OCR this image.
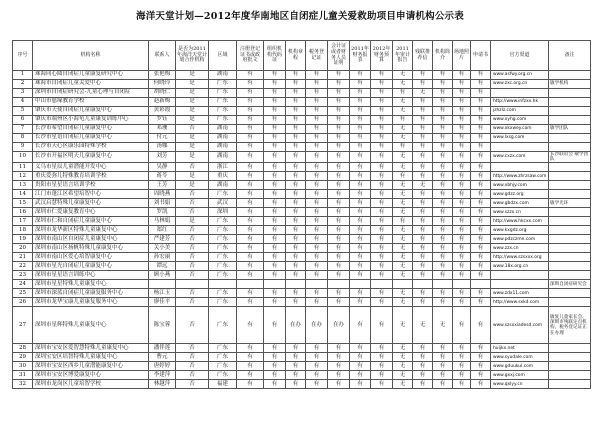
海洋天堂计划—2012年度华南地区自闭症儿童关爱救助项目申请机构公示表
序号	机构名称	联系人	是否为2011年海洋天堂计划合作机构	区域	注册登记证书或政府批文	组织机构代码证	机构章程	税务登记证	会计证或者财务人员证明	2011年财务报表	2012年财务预算	2011年审计报告	残联推荐信	机构简介	场地照片	申请书	官方渠道	备注
1	珠海同心圆自闭症儿童康复研究中心	张艳梅	是	湖南	有	有	有	有	有	有	有	无	有	有	有	有	www.asfwy.org.cn	
2	珠海市自闭症儿童关爱中心	何晓玲	是	广东	有	有	有	有	有	有	有	无	有	有	有	有	www.zxc.org.cn	敏学机构
3	深圳市自闭症研究会-儿童心理与自闭症	胡晓仁	是	广东	有	有	有	有	有	有	有	有	无	有	有	有		
4	中山市慈缘教育学校	赵新梅	是	广东	有	有	有	有	有	有	有	无	有	有	有	有	http://www.infzxx.hk	
5	肇庆市天使自闭症儿童康复中心	黄彩霞	是	广东	有	有	有	有	有	有	有	无	有	有	有	有	jzhzlz.com	
6	肇庆市端州区小海龟儿童康复训练中心	罗钰	是	广东	有	有	有	有	有	有	有	有	有	有	有	有	www.xyhg.com	
7	长沙市希望自闭症儿童康复中心	邓珊	否	湖南	有	有	有	有	有	有	有	无	有	有	有	有	www.xkxwey.com	敏学团队
8	长沙市星语自闭症儿童康复中心	付元	是	湖南	有	有	有	有	有	有	有	无	有	有	有	有	www.lxsg.com	
9	长沙市天心区康乐园特殊学校	汤娜	是	湖南	有	有	有	有	有	有	有	有	有	有	有	有		
10	长沙市开福区明天儿童康复中心	刘芳	是	湖南	有	有	有	有	有	有	有	无	有	有	有	有	www.cxzx.com	长沙联谊会 敏学团队
11	义乌市星辰儿童潜能开发中心	吴静	否	浙江	有	有	有	有	有	有	有	无	有	有	有	有		
12	重庆爱弥儿特殊教育培训学校	蒋苓	是	重庆	有	有	有	有	有	有	有	有	有	有	有	有	http://www.zhrzsaw.com	
13	贵阳市星星语言培训学校	王芳	是	湖南	有	有	有	有	有	有	有	无	无	有	有	有	www.xbhjy.com	
14	江门市蓬江区希望培智中心	周晓燕	否	广东	有	有	有	有	有	有	有	无	有	有	有	有	www.gdzz.org	
15	武汉启慧特殊儿童康复中心	刘书娟	否	武汉	有	有	有	有	有	有	有	无	有	有	有	有	www.gbdzx.com	敏学光环
16	深圳市仁爱康复教育中心	罗凯	否	深圳	有	有	有	有	有	有	有	无	有	有	有	有	www.szzx.cn	
17	深圳市仁和自闭症儿童康复中心	马林娟	是	广东	有	有	有	有	有	有	有	有	有	有	有	有	http://www.hkcxx.com	
18	深圳市龙华新区特殊儿童康复中心	郑红	否	广东	有	有	有	有	有	有	有	无	有	有	有	有	www.kxgdz.org	
19	深圳市南山区自闭症儿童康复中心	严建芳	否	广东	有	有	有	有	有	有	有	无	有	有	有	有	www.pdzczmn.com	
20	深圳市南山区扬帆特殊儿童康复中心	关小美	否	广东	有	有	有	有	有	有	有	无	有	有	有	有	www.zzx.cn	
21	深圳市南山区爱心培智康复中心	孙宏丽	否	广东	有	有	有	有	有	有	有	无	有	有	有	有	http://www.szsxxx.org	
22	深圳市星光自闭症儿童康复中心	谭远	否	广东	有	有	有	有	有	有	有	无	有	有	有	有	www.18x.org.cn	
23	深圳市星星语言训练中心	顾小燕	否	广东	有	有	有	有	有	有	有	无	有	有	有	有		
24	深圳市星星特殊儿童康复中心																	深圳自闭症研究会
25	深圳市深蓝自闭症儿童康复服务中心	杨江玉	否	广东	有	有	有	有	有	有	有	无	有	有	有	有	www.zdx11.com	
26	深圳市龙华宝康儿童康复服务中心	廖佳平	否	广东	有	有	有	有	有	有	有	无	有	有	有	有	http://www.sxkd.com	
27	深圳市星辉特殊儿童康复中心	陈宝蓉	否	广东	有	有	在办	在办	在办	有	有	无	无	无	有	有	www.szsxxiadesd.com	敏复儿童家长会、深圳市残联定点机构，税务登记证正在办理
28	深圳市宝安区爱智慧特殊儿童康复中心	潘伴莲	否	广东	有	有	有	有	有	有	有	无	有	有	有	有	huijkx.net	
29	深圳宝安区培智特殊儿童康复中心	曹元	否	广东	有	有	有	有	有	有	有	无	有	有	有	有	www.syudale.com	
30	深圳市宝安区西乡儿童潜能康复中心	唐婷婷	否	广东	有	有	有	有	有	有	有	无	有	有	有	有	www.gduukul.com	
31	深圳市宝安区博爱康复中心	李建萍	否	广东	有	有	有	有	有	有	有	无	有	有	有	有	www.gxxj.com	
32	深圳市龙岗区儿童培智学校	林越萍	否	福建	有	有	有	有	有	有	有	无	有	有	有	有	www.qxlyy.cn	
